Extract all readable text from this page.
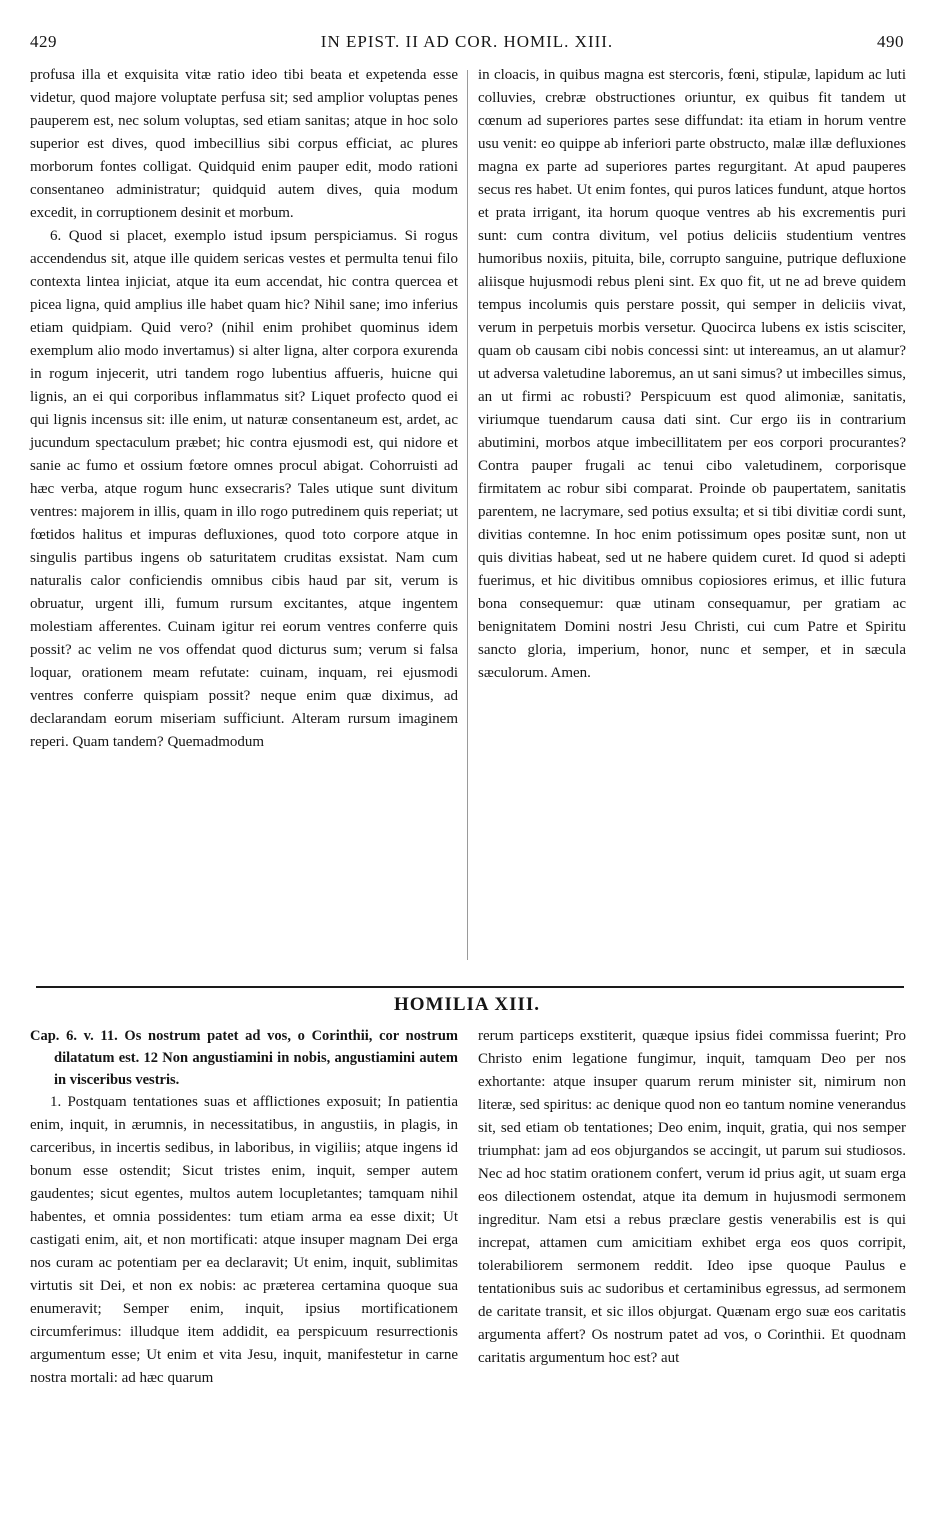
429	IN EPIST. II AD COR. HOMIL. XIII.	490

profusa illa et exquisita vitæ ratio ideo tibi beata et expetenda esse videtur, quod majore voluptate perfusa sit; sed amplior voluptas penes pauperem est, nec solum voluptas, sed etiam sanitas; atque in hoc solo superior est dives, quod imbecillius sibi corpus efficiat, ac plures morborum fontes colligat. Quidquid enim pauper edit, modo rationi consentaneo administratur; quidquid autem dives, quia modum excedit, in corruptionem desinit et morbum.

6. Quod si placet, exemplo istud ipsum perspiciamus. Si rogus accendendus sit, atque ille quidem sericas vestes et permulta tenui filo contexta lintea injiciat, atque ita eum accendat, hic contra quercea et picea ligna, quid amplius ille habet quam hic? Nihil sane; imo inferius etiam quidpiam. Quid vero? (nihil enim prohibet quominus idem exemplum alio modo invertamus) si alter ligna, alter corpora exurenda in rogum injecerit, utri tandem rogo lubentius affueris, huicne qui lignis, an ei qui corporibus inflammatus sit? Liquet profecto quod ei qui lignis incensus sit: ille enim, ut naturæ consentaneum est, ardet, ac jucundum spectaculum præbet; hic contra ejusmodi est, qui nidore et sanie ac fumo et ossium fœtore omnes procul abigat. Cohorruisti ad hæc verba, atque rogum hunc exsecraris? Tales utique sunt divitum ventres: majorem in illis, quam in illo rogo putredinem quis reperiat; ut fœtidos halitus et impuras defluxiones, quod toto corpore atque in singulis partibus ingens ob saturitatem cruditas exsistat. Nam cum naturalis calor conficiendis omnibus cibis haud par sit, verum is obruatur, urgent illi, fumum rursum excitantes, atque ingentem molestiam afferentes. Cuinam igitur rei eorum ventres conferre quis possit? ac velim ne vos offendat quod dicturus sum; verum si falsa loquar, orationem meam refutate: cuinam, inquam, rei ejusmodi ventres conferre quispiam possit? neque enim quæ diximus, ad declarandam eorum miseriam sufficiunt. Alteram rursum imaginem reperi. Quam tandem? Quemadmodum

in cloacis, in quibus magna est stercoris, fœni, stipulæ, lapidum ac luti colluvies, crebræ obstructiones oriuntur, ex quibus fit tandem ut cœnum ad superiores partes sese diffundat: ita etiam in horum ventre usu venit: eo quippe ab inferiori parte obstructo, malæ illæ defluxiones magna ex parte ad superiores partes regurgitant. At apud pauperes secus res habet. Ut enim fontes, qui puros latices fundunt, atque hortos et prata irrigant, ita horum quoque ventres ab his excrementis puri sunt: cum contra divitum, vel potius deliciis studentium ventres humoribus noxiis, pituita, bile, corrupto sanguine, putrique defluxione aliisque hujusmodi rebus pleni sint. Ex quo fit, ut ne ad breve quidem tempus incolumis quis perstare possit, qui semper in deliciis vivat, verum in perpetuis morbis versetur. Quocirca lubens ex istis scisciter, quam ob causam cibi nobis concessi sint: ut intereamus, an ut alamur? ut adversa valetudine laboremus, an ut sani simus? ut imbecilles simus, an ut firmi ac robusti? Perspicuum est quod alimoniæ, sanitatis, viriumque tuendarum causa dati sint. Cur ergo iis in contrarium abutimini, morbos atque imbecillitatem per eos corpori procurantes? Contra pauper frugali ac tenui cibo valetudinem, corporisque firmitatem ac robur sibi comparat. Proinde ob paupertatem, sanitatis parentem, ne lacrymare, sed potius exsulta; et si tibi divitiæ cordi sunt, divitias contemne. In hoc enim potissimum opes positæ sunt, non ut quis divitias habeat, sed ut ne habere quidem curet. Id quod si adepti fuerimus, et hic divitibus omnibus copiosiores erimus, et illic futura bona consequemur: quæ utinam consequamur, per gratiam ac benignitatem Domini nostri Jesu Christi, cui cum Patre et Spiritu sancto gloria, imperium, honor, nunc et semper, et in sæcula sæculorum. Amen.

HOMILIA XIII.

Cap. 6. v. 11. Os nostrum patet ad vos, o Corinthii, cor nostrum dilatatum est. 12 Non angustiamini in nobis, angustiamini autem in visceribus vestris.

1. Postquam tentationes suas et afflictiones exposuit; In patientia enim, inquit, in ærumnis, in necessitatibus, in angustiis, in plagis, in carceribus, in incertis sedibus, in laboribus, in vigiliis; atque ingens id bonum esse ostendit; Sicut tristes enim, inquit, semper autem gaudentes; sicut egentes, multos autem locupletantes; tamquam nihil habentes, et omnia possidentes: tum etiam arma ea esse dixit; Ut castigati enim, ait, et non mortificati: atque insuper magnam Dei erga nos curam ac potentiam per ea declaravit; Ut enim, inquit, sublimitas virtutis sit Dei, et non ex nobis: ac præterea certamina quoque sua enumeravit; Semper enim, inquit, ipsius mortificationem circumferimus: illudque item addidit, ea perspicuum resurrectionis argumentum esse; Ut enim et vita Jesu, inquit, manifestetur in carne nostra mortali: ad hæc quarum

rerum particeps exstiterit, quæque ipsius fidei commissa fuerint; Pro Christo enim legatione fungimur, inquit, tamquam Deo per nos exhortante: atque insuper quarum rerum minister sit, nimirum non literæ, sed spiritus: ac denique quod non eo tantum nomine venerandus sit, sed etiam ob tentationes; Deo enim, inquit, gratia, qui nos semper triumphat: jam ad eos objurgandos se accingit, ut parum sui studiosos. Nec ad hoc statim orationem confert, verum id prius agit, ut suam erga eos dilectionem ostendat, atque ita demum in hujusmodi sermonem ingreditur. Nam etsi a rebus præclare gestis venerabilis est is qui increpat, attamen cum amicitiam exhibet erga eos quos corripit, tolerabiliorem sermonem reddit. Ideo ipse quoque Paulus e tentationibus suis ac sudoribus et certaminibus egressus, ad sermonem de caritate transit, et sic illos objurgat. Quænam ergo suæ eos caritatis argumenta affert? Os nostrum patet ad vos, o Corinthii. Et quodnam caritatis argumentum hoc est? aut
